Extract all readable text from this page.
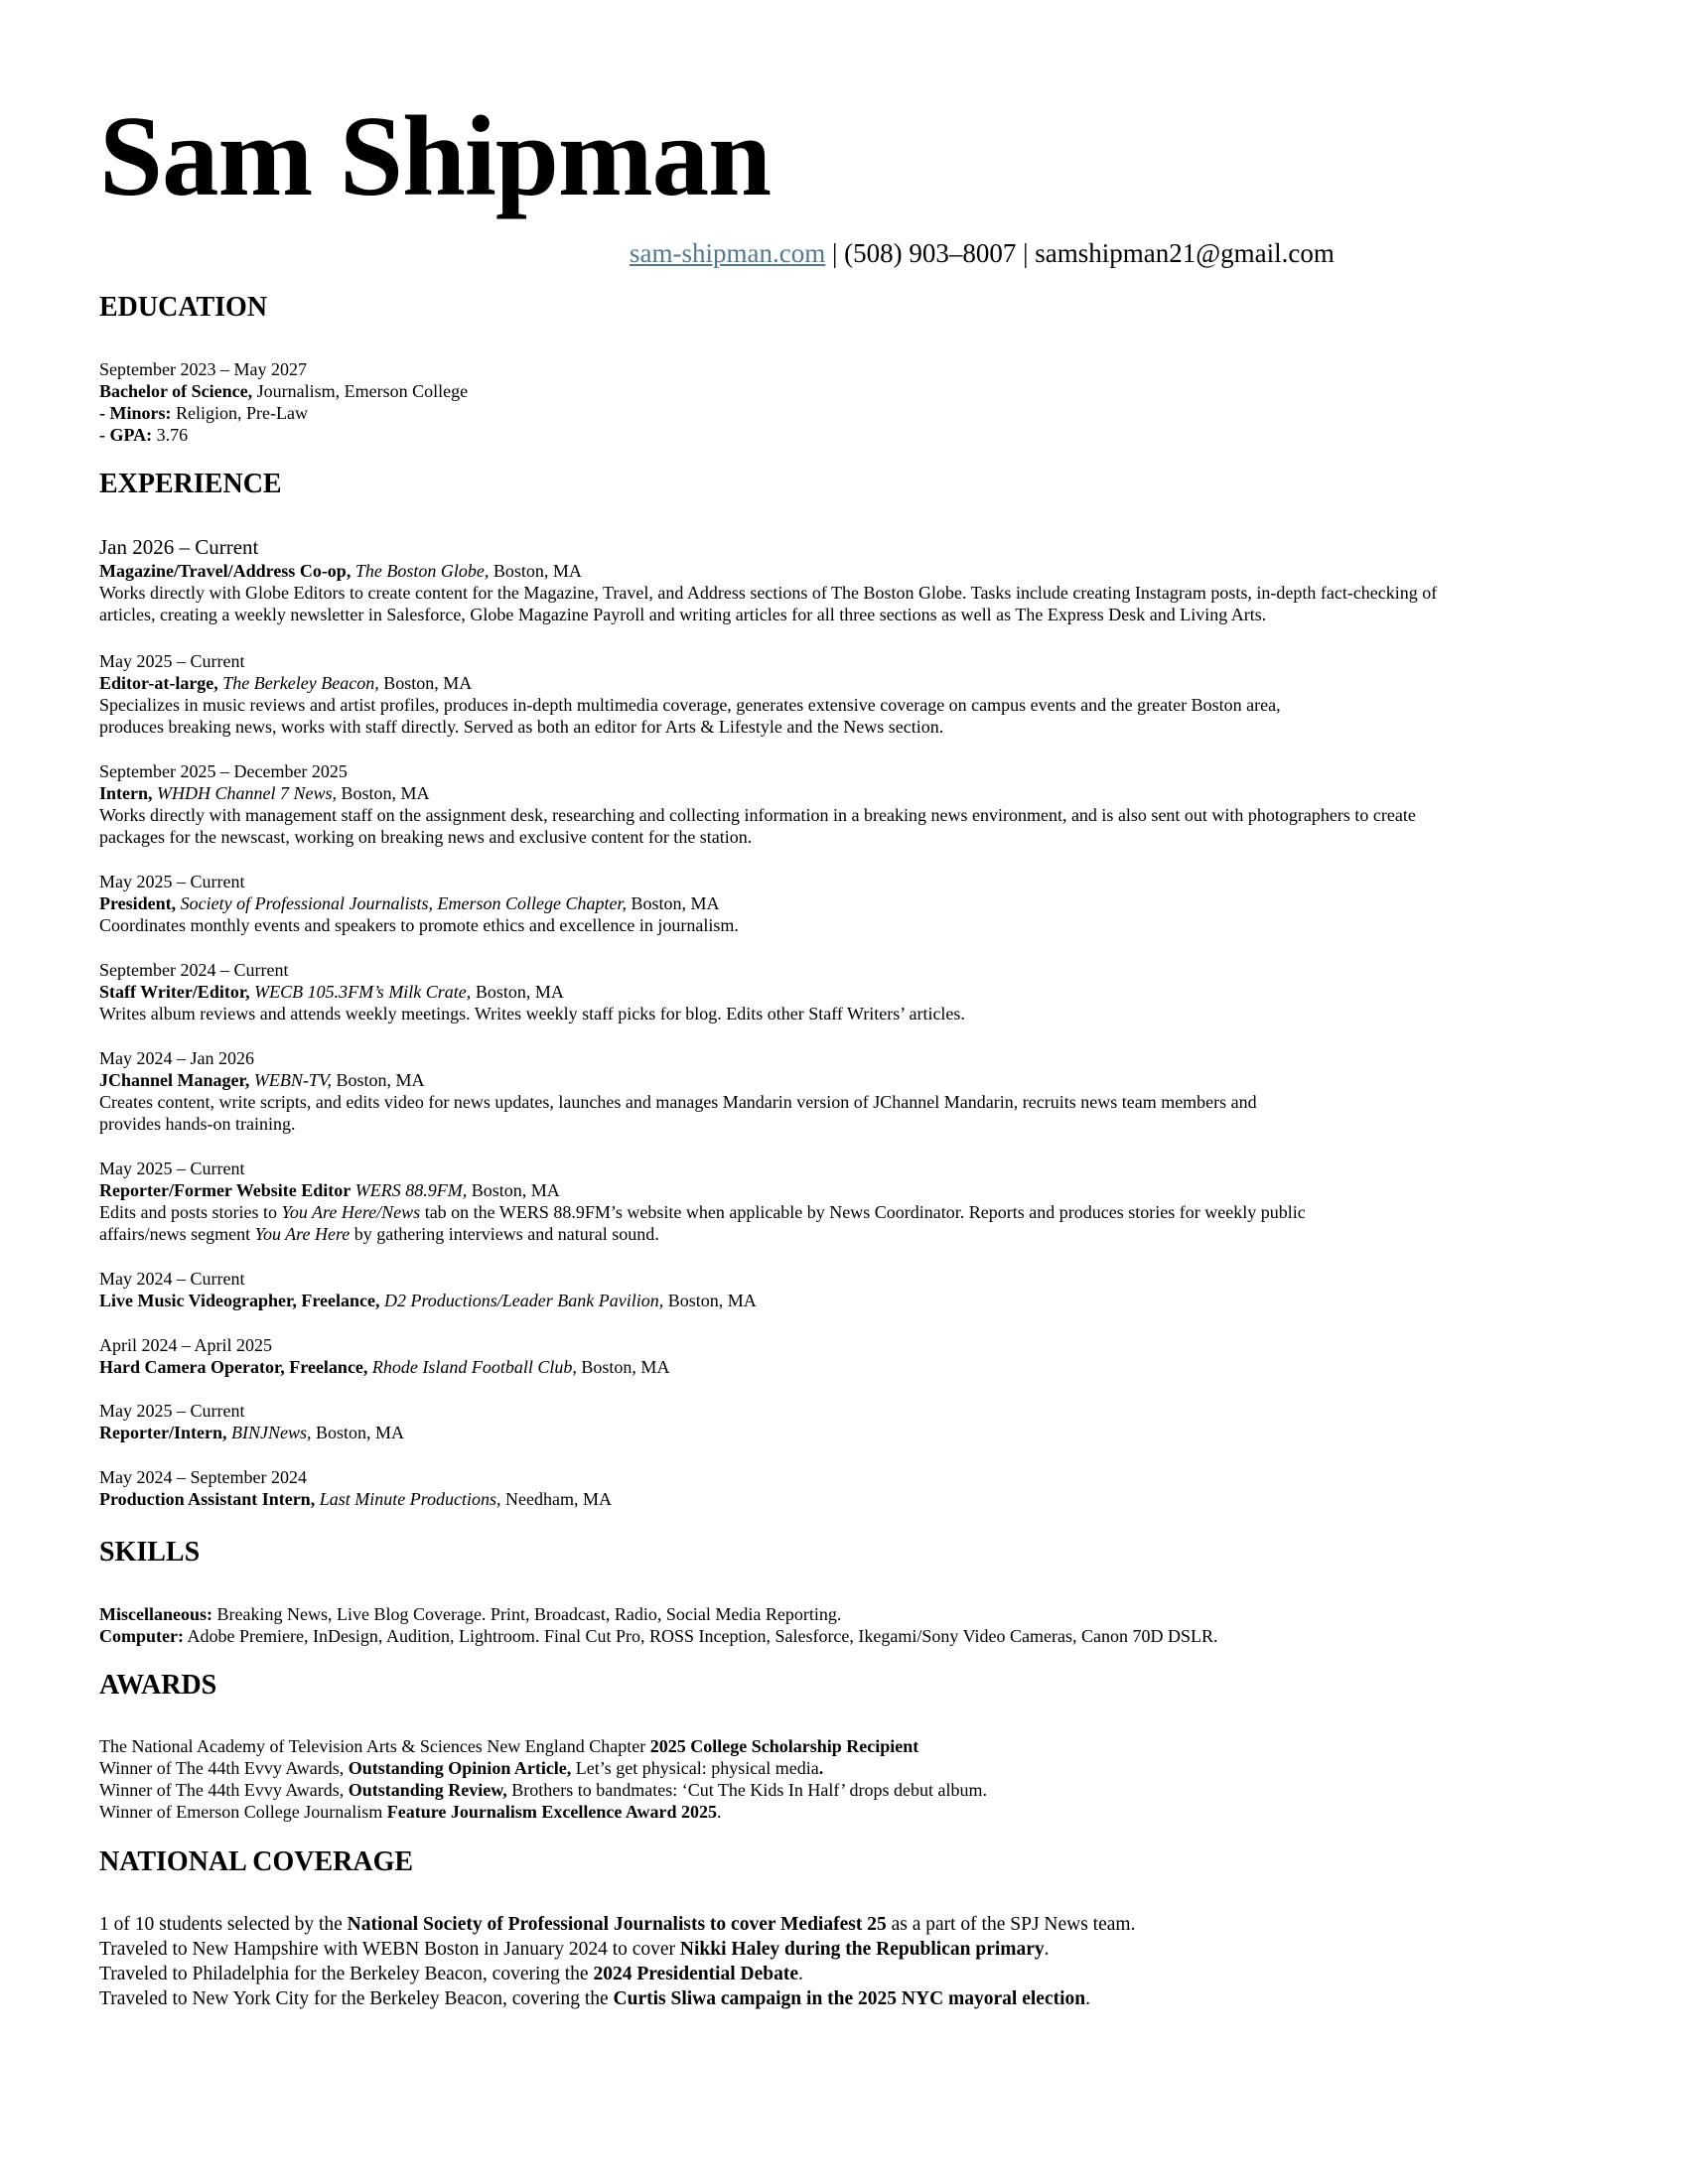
Sam Shipman
sam-shipman.com | (508) 903–8007 | samshipman21@gmail.com
EDUCATION
September 2023 – May 2027
Bachelor of Science, Journalism, Emerson College
- Minors: Religion, Pre-Law
- GPA: 3.76
EXPERIENCE
Jan 2026 – Current
Magazine/Travel/Address Co-op, The Boston Globe, Boston, MA
Works directly with Globe Editors to create content for the Magazine, Travel, and Address sections of The Boston Globe. Tasks include creating Instagram posts, in-depth fact-checking of
articles, creating a weekly newsletter in Salesforce, Globe Magazine Payroll and writing articles for all three sections as well as The Express Desk and Living Arts.
May 2025 – Current
Editor-at-large, The Berkeley Beacon, Boston, MA
Specializes in music reviews and artist profiles, produces in-depth multimedia coverage, generates extensive coverage on campus events and the greater Boston area,
produces breaking news, works with staff directly. Served as both an editor for Arts & Lifestyle and the News section.
September 2025 – December 2025
Intern, WHDH Channel 7 News, Boston, MA
Works directly with management staff on the assignment desk, researching and collecting information in a breaking news environment, and is also sent out with photographers to create
packages for the newscast, working on breaking news and exclusive content for the station.
May 2025 – Current
President, Society of Professional Journalists, Emerson College Chapter, Boston, MA
Coordinates monthly events and speakers to promote ethics and excellence in journalism.
September 2024 – Current
Staff Writer/Editor, WECB 105.3FM’s Milk Crate, Boston, MA
Writes album reviews and attends weekly meetings. Writes weekly staff picks for blog. Edits other Staff Writers’ articles.
May 2024 – Jan 2026
JChannel Manager, WEBN-TV, Boston, MA
Creates content, write scripts, and edits video for news updates, launches and manages Mandarin version of JChannel Mandarin, recruits news team members and
provides hands-on training.
May 2025 – Current
Reporter/Former Website Editor WERS 88.9FM, Boston, MA
Edits and posts stories to You Are Here/News tab on the WERS 88.9FM’s website when applicable by News Coordinator. Reports and produces stories for weekly public
affairs/news segment You Are Here by gathering interviews and natural sound.
May 2024 – Current
Live Music Videographer, Freelance, D2 Productions/Leader Bank Pavilion, Boston, MA
April 2024 – April 2025
Hard Camera Operator, Freelance, Rhode Island Football Club, Boston, MA
May 2025 – Current
Reporter/Intern, BINJNews, Boston, MA
May 2024 – September 2024
Production Assistant Intern, Last Minute Productions, Needham, MA
SKILLS
Miscellaneous: Breaking News, Live Blog Coverage. Print, Broadcast, Radio, Social Media Reporting.
Computer: Adobe Premiere, InDesign, Audition, Lightroom. Final Cut Pro, ROSS Inception, Salesforce, Ikegami/Sony Video Cameras, Canon 70D DSLR.
AWARDS
The National Academy of Television Arts & Sciences New England Chapter 2025 College Scholarship Recipient
Winner of The 44th Evvy Awards, Outstanding Opinion Article, Let’s get physical: physical media.
Winner of The 44th Evvy Awards, Outstanding Review, Brothers to bandmates: ‘Cut The Kids In Half’ drops debut album.
Winner of Emerson College Journalism Feature Journalism Excellence Award 2025.
NATIONAL COVERAGE
1 of 10 students selected by the National Society of Professional Journalists to cover Mediafest 25 as a part of the SPJ News team.
Traveled to New Hampshire with WEBN Boston in January 2024 to cover Nikki Haley during the Republican primary.
Traveled to Philadelphia for the Berkeley Beacon, covering the 2024 Presidential Debate.
Traveled to New York City for the Berkeley Beacon, covering the Curtis Sliwa campaign in the 2025 NYC mayoral election.
